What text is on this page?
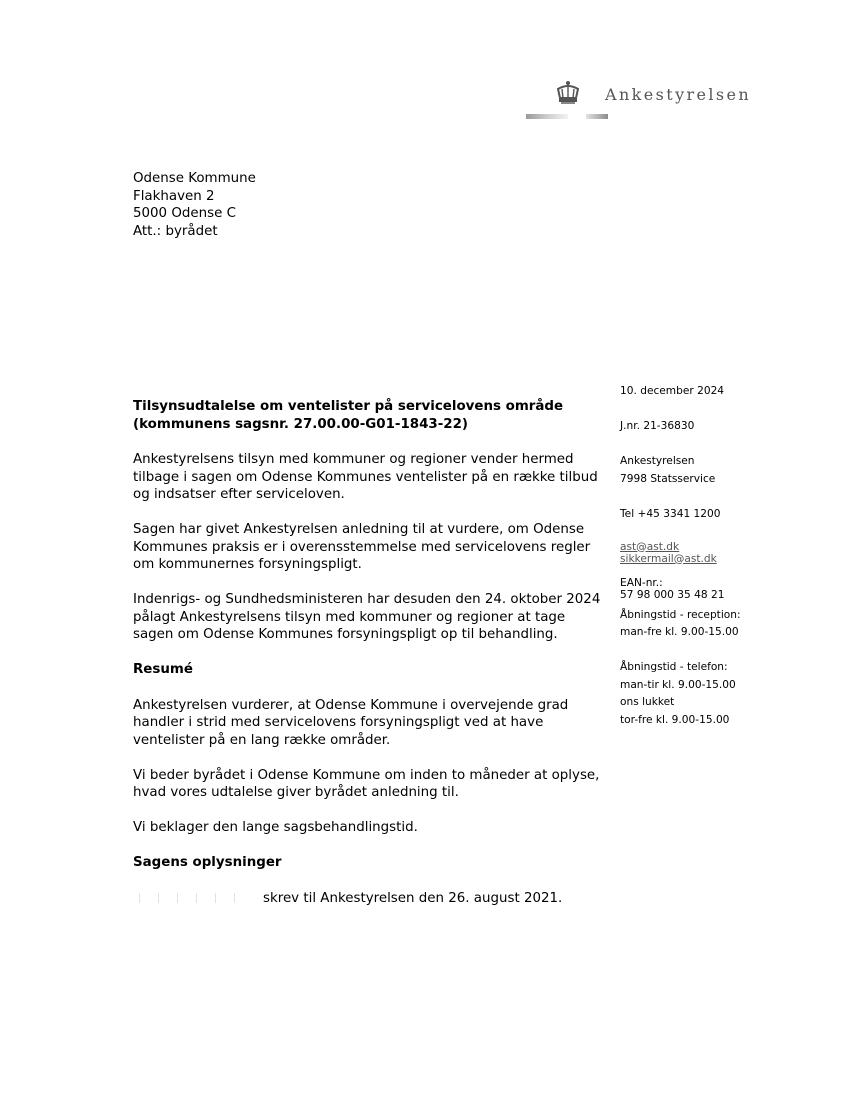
Ankestyrelsen
Odense Kommune
Flakhaven 2
5000 Odense C
Att.: byrådet
10. december 2024
J.nr. 21-36830
Ankestyrelsen
7998 Statsservice
Tel +45 3341 1200
ast@ast.dk
sikkermail@ast.dk
EAN-nr.:
57 98 000 35 48 21
Åbningstid - reception:
man-fre kl. 9.00-15.00
Åbningstid - telefon:
man-tir kl. 9.00-15.00
ons lukket
tor-fre kl. 9.00-15.00
Tilsynsudtalelse om ventelister på servicelovens område
(kommunens sagsnr. 27.00.00-G01-1843-22)

Ankestyrelsens tilsyn med kommuner og regioner vender hermed tilbage i sagen om Odense Kommunes ventelister på en række tilbud og indsatser efter serviceloven.

Sagen har givet Ankestyrelsen anledning til at vurdere, om Odense Kommunes praksis er i overensstemmelse med servicelovens regler om kommunernes forsyningspligt.

Indenrigs- og Sundhedsministeren har desuden den 24. oktober 2024 pålagt Ankestyrelsens tilsyn med kommuner og regioner at tage sagen om Odense Kommunes forsyningspligt op til behandling.

Resumé

Ankestyrelsen vurderer, at Odense Kommune i overvejende grad handler i strid med servicelovens forsyningspligt ved at have ventelister på en lang række områder.

Vi beder byrådet i Odense Kommune om inden to måneder at oplyse, hvad vores udtalelse giver byrådet anledning til.

Vi beklager den lange sagsbehandlingstid.

Sagens oplysninger

skrev til Ankestyrelsen den 26. august 2021.
